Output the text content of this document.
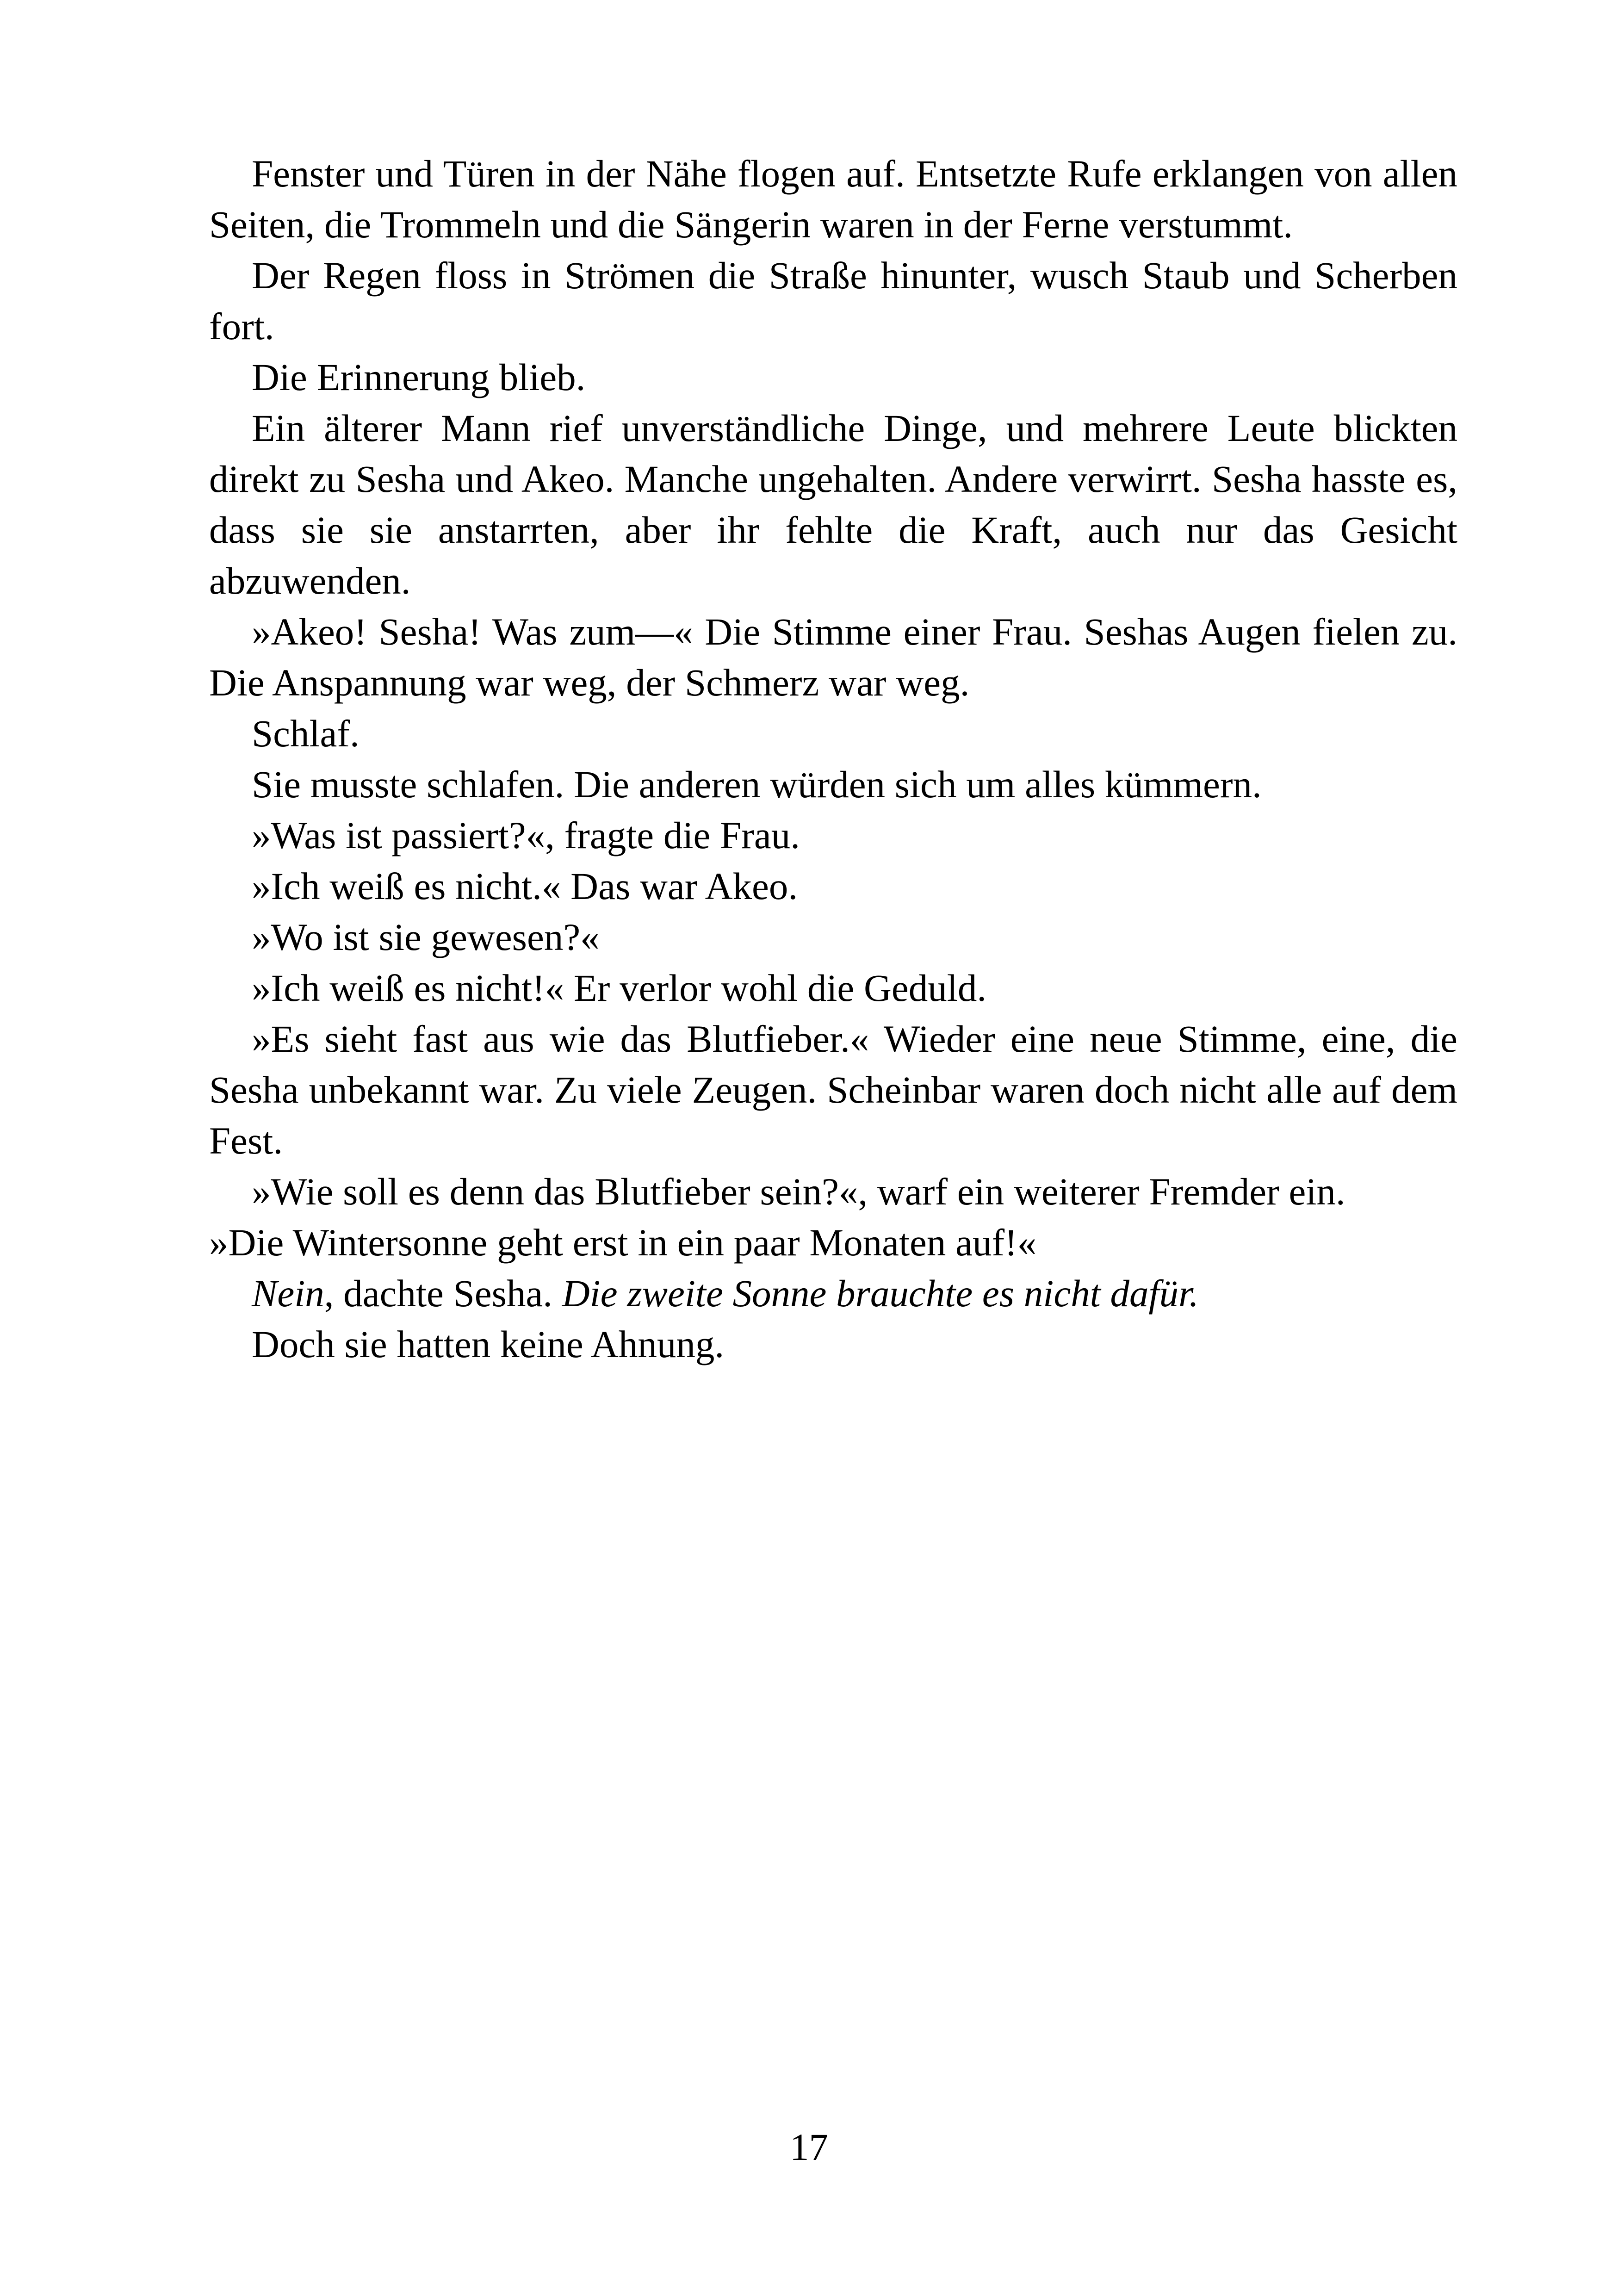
Fenster und Türen in der Nähe flogen auf. Entsetzte Rufe erklangen von allen Seiten, die Trommeln und die Sängerin waren in der Ferne verstummt.

Der Regen floss in Strömen die Straße hinunter, wusch Staub und Scherben fort.

Die Erinnerung blieb.

Ein älterer Mann rief unverständliche Dinge, und mehrere Leute blickten direkt zu Sesha und Akeo. Manche ungehalten. Andere verwirrt. Sesha hasste es, dass sie sie anstarrten, aber ihr fehlte die Kraft, auch nur das Gesicht abzuwenden.

»Akeo! Sesha! Was zum—« Die Stimme einer Frau. Seshas Augen fielen zu. Die Anspannung war weg, der Schmerz war weg.

Schlaf.

Sie musste schlafen. Die anderen würden sich um alles kümmern.

»Was ist passiert?«, fragte die Frau.

»Ich weiß es nicht.« Das war Akeo.

»Wo ist sie gewesen?«

»Ich weiß es nicht!« Er verlor wohl die Geduld.

»Es sieht fast aus wie das Blutfieber.« Wieder eine neue Stimme, eine, die Sesha unbekannt war. Zu viele Zeugen. Scheinbar waren doch nicht alle auf dem Fest.

»Wie soll es denn das Blutfieber sein?«, warf ein weiterer Fremder ein.

»Die Wintersonne geht erst in ein paar Monaten auf!«

Nein, dachte Sesha. Die zweite Sonne brauchte es nicht dafür.

Doch sie hatten keine Ahnung.

17
